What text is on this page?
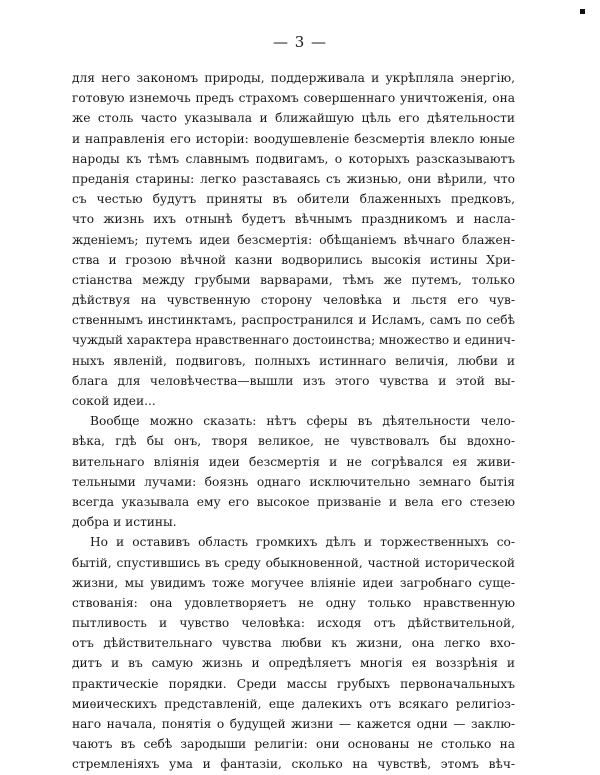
— 3 —
для него закономъ природы, поддерживала и укрѣпляла энергію,
готовую изнемочь предъ страхомъ совершеннаго уничтоженія, она
же столь часто указывала и ближайшую цѣль его дѣятельности
и направленія его исторіи: воодушевленіе безсмертія влекло юные
народы къ тѣмъ славнымъ подвигамъ, о которыхъ разсказываютъ
преданія старины: легко разставаясь съ жизнью, они вѣрили, что
съ честью будутъ приняты въ обители блаженныхъ предковъ,
что жизнь ихъ отнынѣ будетъ вѣчнымъ праздникомъ и насла-
жденіемъ; путемъ идеи безсмертія: обѣщаніемъ вѣчнаго блажен-
ства и грозою вѣчной казни водворились высокія истины Хри-
стіанства между грубыми варварами, тѣмъ же путемъ, только
дѣйствуя на чувственную сторону человѣка и льстя его чув-
ственнымъ инстинктамъ, распространился и Исламъ, самъ по себѣ
чуждый характера нравственнаго достоинства; множество и единич-
ныхъ явленій, подвиговъ, полныхъ истиннаго величія, любви и
блага для человѣчества—вышли изъ этого чувства и этой вы-
сокой идеи...
Вообще можно сказать: нѣтъ сферы въ дѣятельности чело-
вѣка, гдѣ бы онъ, творя великое, не чувствовалъ бы вдохно-
вительнаго вліянія идеи безсмертія и не согрѣвался ея живи-
тельными лучами: боязнь однаго исключительно земнаго бытія
всегда указывала ему его высокое призваніе и вела его стезею
добра и истины.
Но и оставивъ область громкихъ дѣлъ и торжественныхъ со-
бытій, спустившись въ среду обыкновенной, частной исторической
жизни, мы увидимъ тоже могучее вліяніе идеи загробнаго суще-
ствованія: она удовлетворяетъ не одну только нравственную
пытливость и чувство человѣка: исходя отъ дѣйствительной,
отъ дѣйствительнаго чувства любви къ жизни, она легко вхо-
дитъ и въ самую жизнь и опредѣляетъ многія ея воззрѣнія и
практическіе порядки. Среди массы грубыхъ первоначальныхъ
миѳическихъ представленій, еще далекихъ отъ всякаго религіоз-
наго начала, понятія о будущей жизни — кажется одни — заклю-
чаютъ въ себѣ зародыши религіи: они основаны не столько на
стремленіяхъ ума и фантазіи, сколько на чувствѣ, этомъ вѣч-
